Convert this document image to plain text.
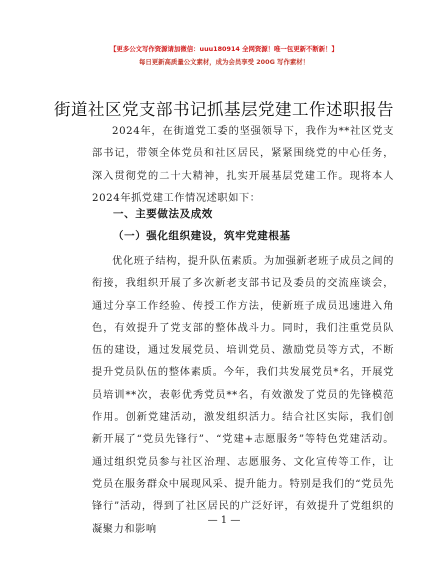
【更多公文写作资源请加微信：uuu180914 全网资源！唯一包更新不断新！】
每日更新高质量公文素材，成为会员享受 200G 写作素材！
街道社区党支部书记抓基层党建工作述职报告
2024年，在街道党工委的坚强领导下，我作为**社区党支部书记，带领全体党员和社区居民，紧紧围绕党的中心任务，深入贯彻党的二十大精神，扎实开展基层党建工作。现将本人2024年抓党建工作情况述职如下：
一、主要做法及成效
（一）强化组织建设，筑牢党建根基
优化班子结构，提升队伍素质。为加强新老班子成员之间的衔接，我组织开展了多次新老支部书记及委员的交流座谈会，通过分享工作经验、传授工作方法，使新班子成员迅速进入角色，有效提升了党支部的整体战斗力。同时，我们注重党员队伍的建设，通过发展党员、培训党员、激励党员等方式，不断提升党员队伍的整体素质。今年，我们共发展党员*名，开展党员培训**次，表彰优秀党员**名，有效激发了党员的先锋模范作用。创新党建活动，激发组织活力。结合社区实际，我们创新开展了“党员先锋行”、“党建+志愿服务”等特色党建活动。通过组织党员参与社区治理、志愿服务、文化宣传等工作，让党员在服务群众中展现风采、提升能力。特别是我们的“党员先锋行”活动，得到了社区居民的广泛好评，有效提升了党组织的凝聚力和影响
— 1 —
